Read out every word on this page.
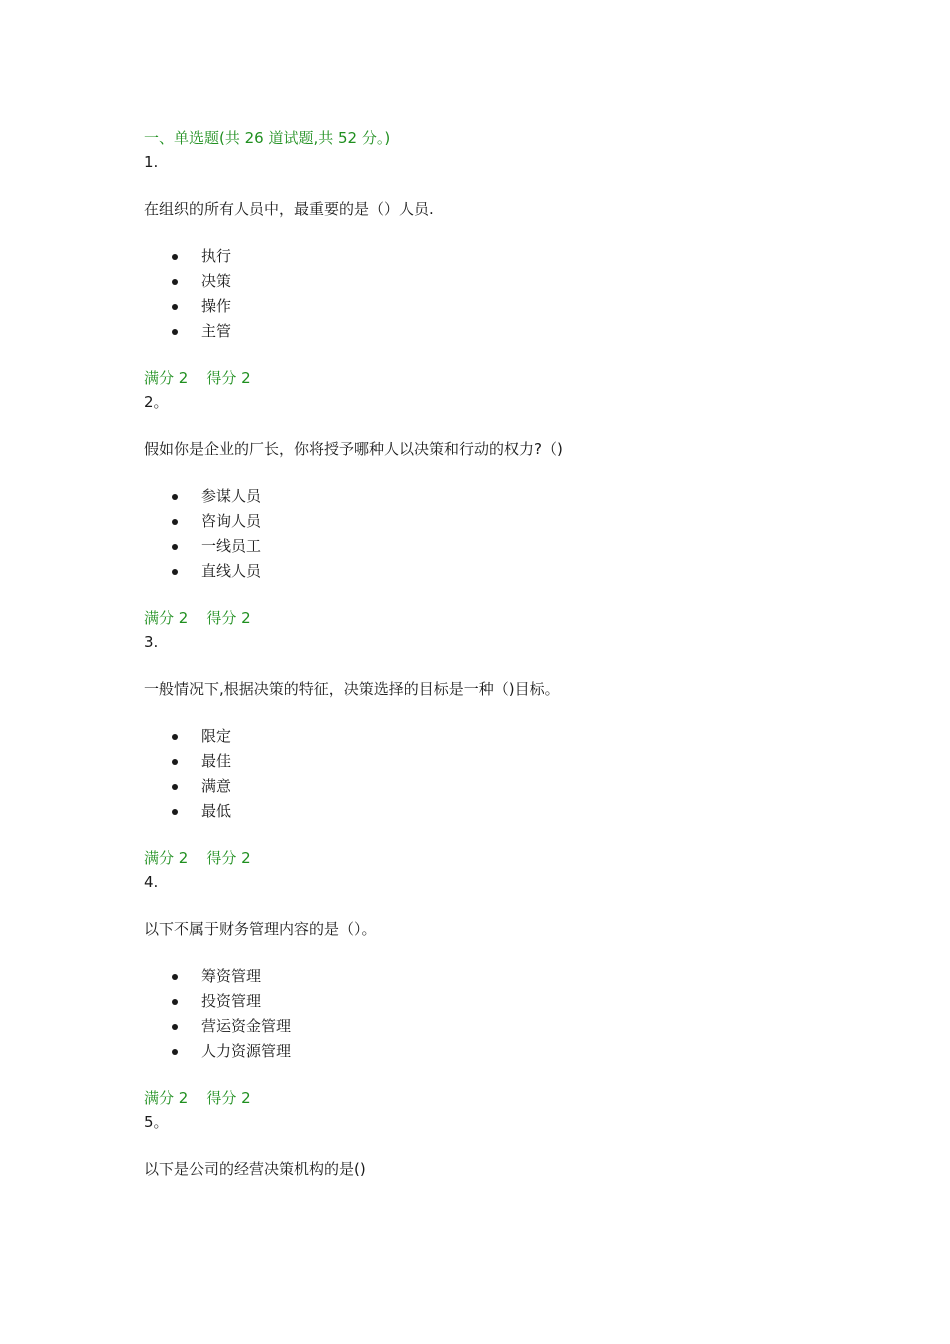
一、单选题(共 26 道试题,共 52 分。)
1.
在组织的所有人员中，最重要的是（）人员.
执行
决策
操作
主管
满分 2 得分 2
2。
假如你是企业的厂长，你将授予哪种人以决策和行动的权力?（)
参谋人员
咨询人员
一线员工
直线人员
满分 2 得分 2
3.
一般情况下,根据决策的特征，决策选择的目标是一种（)目标。
限定
最佳
满意
最低
满分 2 得分 2
4.
以下不属于财务管理内容的是（）。
筹资管理
投资管理
营运资金管理
人力资源管理
满分 2 得分 2
5。
以下是公司的经营决策机构的是()
